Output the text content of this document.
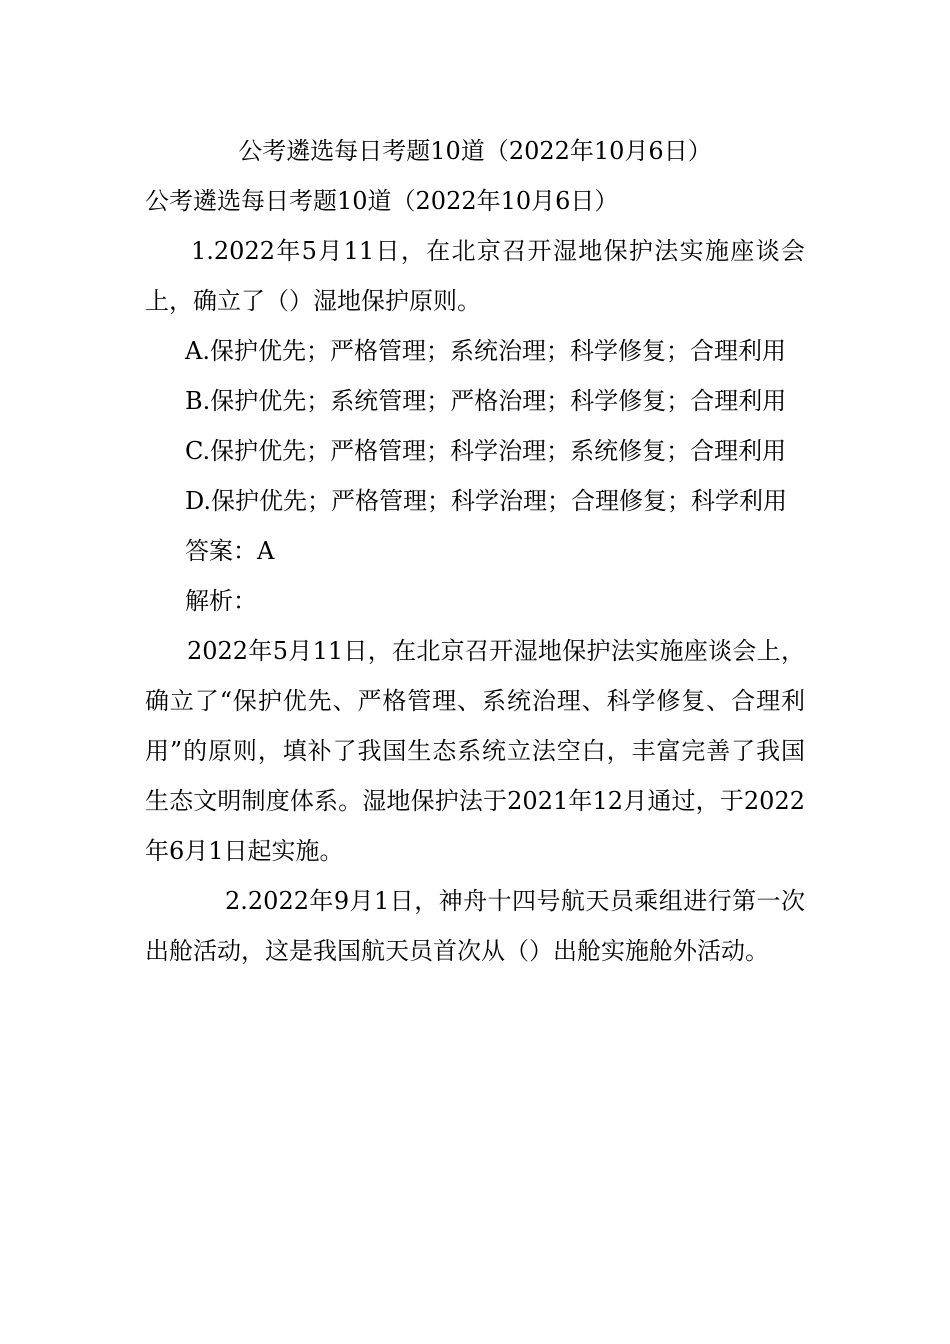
公考遴选每日考题10道（2022年10月6日）

公考遴选每日考题10道（2022年10月6日）

1.2022年5月11日，在北京召开湿地保护法实施座谈会上，确立了（）湿地保护原则。

A.保护优先；严格管理；系统治理；科学修复；合理利用

B.保护优先；系统管理；严格治理；科学修复；合理利用

C.保护优先；严格管理；科学治理；系统修复；合理利用

D.保护优先；严格管理；科学治理；合理修复；科学利用

答案：A

解析：

2022年5月11日，在北京召开湿地保护法实施座谈会上，确立了“保护优先、严格管理、系统治理、科学修复、合理利用”的原则，填补了我国生态系统立法空白，丰富完善了我国生态文明制度体系。湿地保护法于2021年12月通过，于2022年6月1日起实施。

2.2022年9月1日，神舟十四号航天员乘组进行第一次出舱活动，这是我国航天员首次从（）出舱实施舱外活动。
